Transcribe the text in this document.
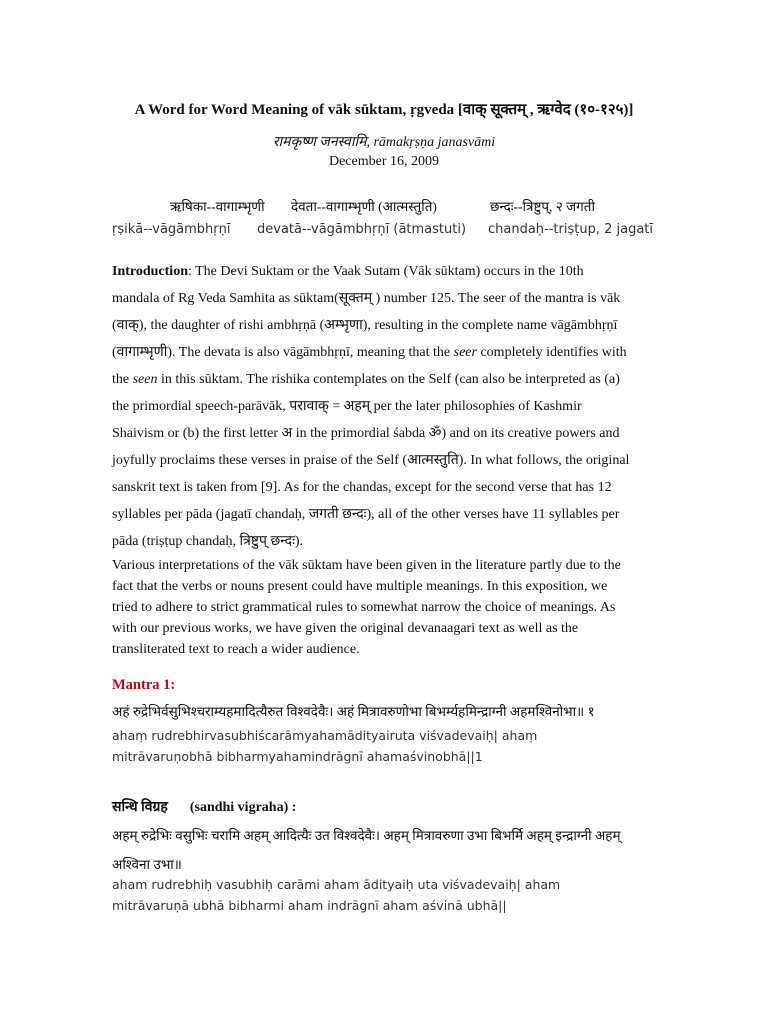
A Word for Word Meaning of vāk sūktam, ṛgveda [वाक् सूक्तम् , ऋग्वेद (१०-१२५)]
रामकृष्ण जनस्वामि, rāmakṛṣṇa janasvāmi
December 16, 2009
ऋषिका--वागाम्भृणी देवता--वागाम्भृणी (आत्मस्तुति)	छन्दः--त्रिष्टुप्, २ जगती
ṛṣikā--vāgāmbhṛṇī devatā--vāgāmbhṛṇī (ātmastuti) chandaḥ--triṣṭup, 2 jagatī
Introduction: The Devi Suktam or the Vaak Sutam (Vāk sūktam) occurs in the 10th mandala of Rg Veda Samhita as sūktam(सूक्तम् ) number 125. The seer of the mantra is vāk (वाक्), the daughter of rishi ambhṛṇā (अम्भृणा), resulting in the complete name vāgāmbhṛṇī (वागाम्भृणी). The devata is also vāgāmbhṛṇī, meaning that the seer completely identifies with the seen in this sūktam. The rishika contemplates on the Self (can also be interpreted as (a) the primordial speech-parāvāk, परावाक् = अहम् per the later philosophies of Kashmir Shaivism or (b) the first letter अ in the primordial śabda ॐ) and on its creative powers and joyfully proclaims these verses in praise of the Self (आत्मस्तुति). In what follows, the original sanskrit text is taken from [9]. As for the chandas, except for the second verse that has 12 syllables per pāda (jagatī chandaḥ, जगती छन्दः), all of the other verses have 11 syllables per pāda (triṣṭup chandaḥ, त्रिष्टुप् छन्दः).
Various interpretations of the vāk sūktam have been given in the literature partly due to the fact that the verbs or nouns present could have multiple meanings. In this exposition, we tried to adhere to strict grammatical rules to somewhat narrow the choice of meanings. As with our previous works, we have given the original devanaagari text as well as the transliterated text to reach a wider audience.
Mantra 1:
अहं रुद्रेभिर्वसुभिश्चराम्यहमादित्यैरुत विश्वदेवैः। अहं मित्रावरुणोभा बिभर्म्यहमिन्द्राग्नी अहमश्विनोभा॥ १
ahaṃ rudrebhirvasubhiścarāmyahamādityairuta viśvadevaiḥ| ahaṃ
mitrāvaruṇobhā bibharmyahamindrāgnī ahamaśvinobhā||1
सन्धि विग्रह (sandhi vigraha) :
अहम् रुद्रेभिः वसुभिः चरामि अहम् आदित्यैः उत विश्वदेवैः। अहम् मित्रावरुणा उभा बिभर्मि अहम् इन्द्राग्नी अहम्
अश्विना उभा॥
aham rudrebhiḥ vasubhiḥ carāmi aham ādityaiḥ uta viśvadevaiḥ| aham
mitrāvaruṇā ubhā bibharmi aham indrāgnī aham aśvinā ubhā||
